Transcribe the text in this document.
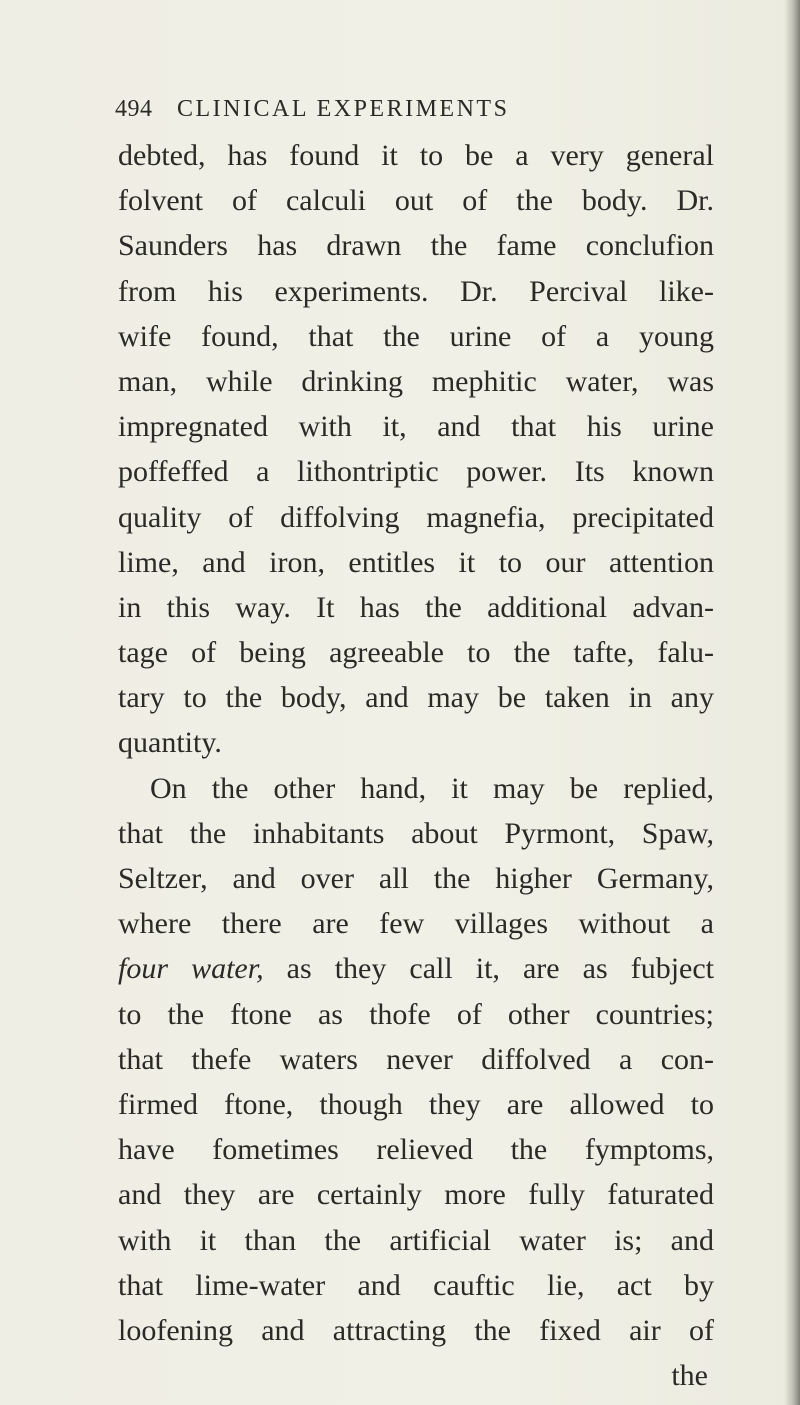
494 CLINICAL EXPERIMENTS
debted, has found it to be a very general
folvent of calculi out of the body. Dr.
Saunders has drawn the fame conclufion
from his experiments. Dr. Percival like-
wife found, that the urine of a young
man, while drinking mephitic water, was
impregnated with it, and that his urine
poffeffed a lithontriptic power. Its known
quality of diffolving magnefia, precipitated
lime, and iron, entitles it to our attention
in this way. It has the additional advan-
tage of being agreeable to the tafte, falu-
tary to the body, and may be taken in any
quantity.
On the other hand, it may be replied,
that the inhabitants about Pyrmont, Spaw,
Seltzer, and over all the higher Germany,
where there are few villages without a
four water, as they call it, are as fubject
to the ftone as thofe of other countries;
that thefe waters never diffolved a con-
firmed ftone, though they are allowed to
have fometimes relieved the fymptoms,
and they are certainly more fully faturated
with it than the artificial water is; and
that lime-water and cauftic lie, act by
loofening and attracting the fixed air of
the
